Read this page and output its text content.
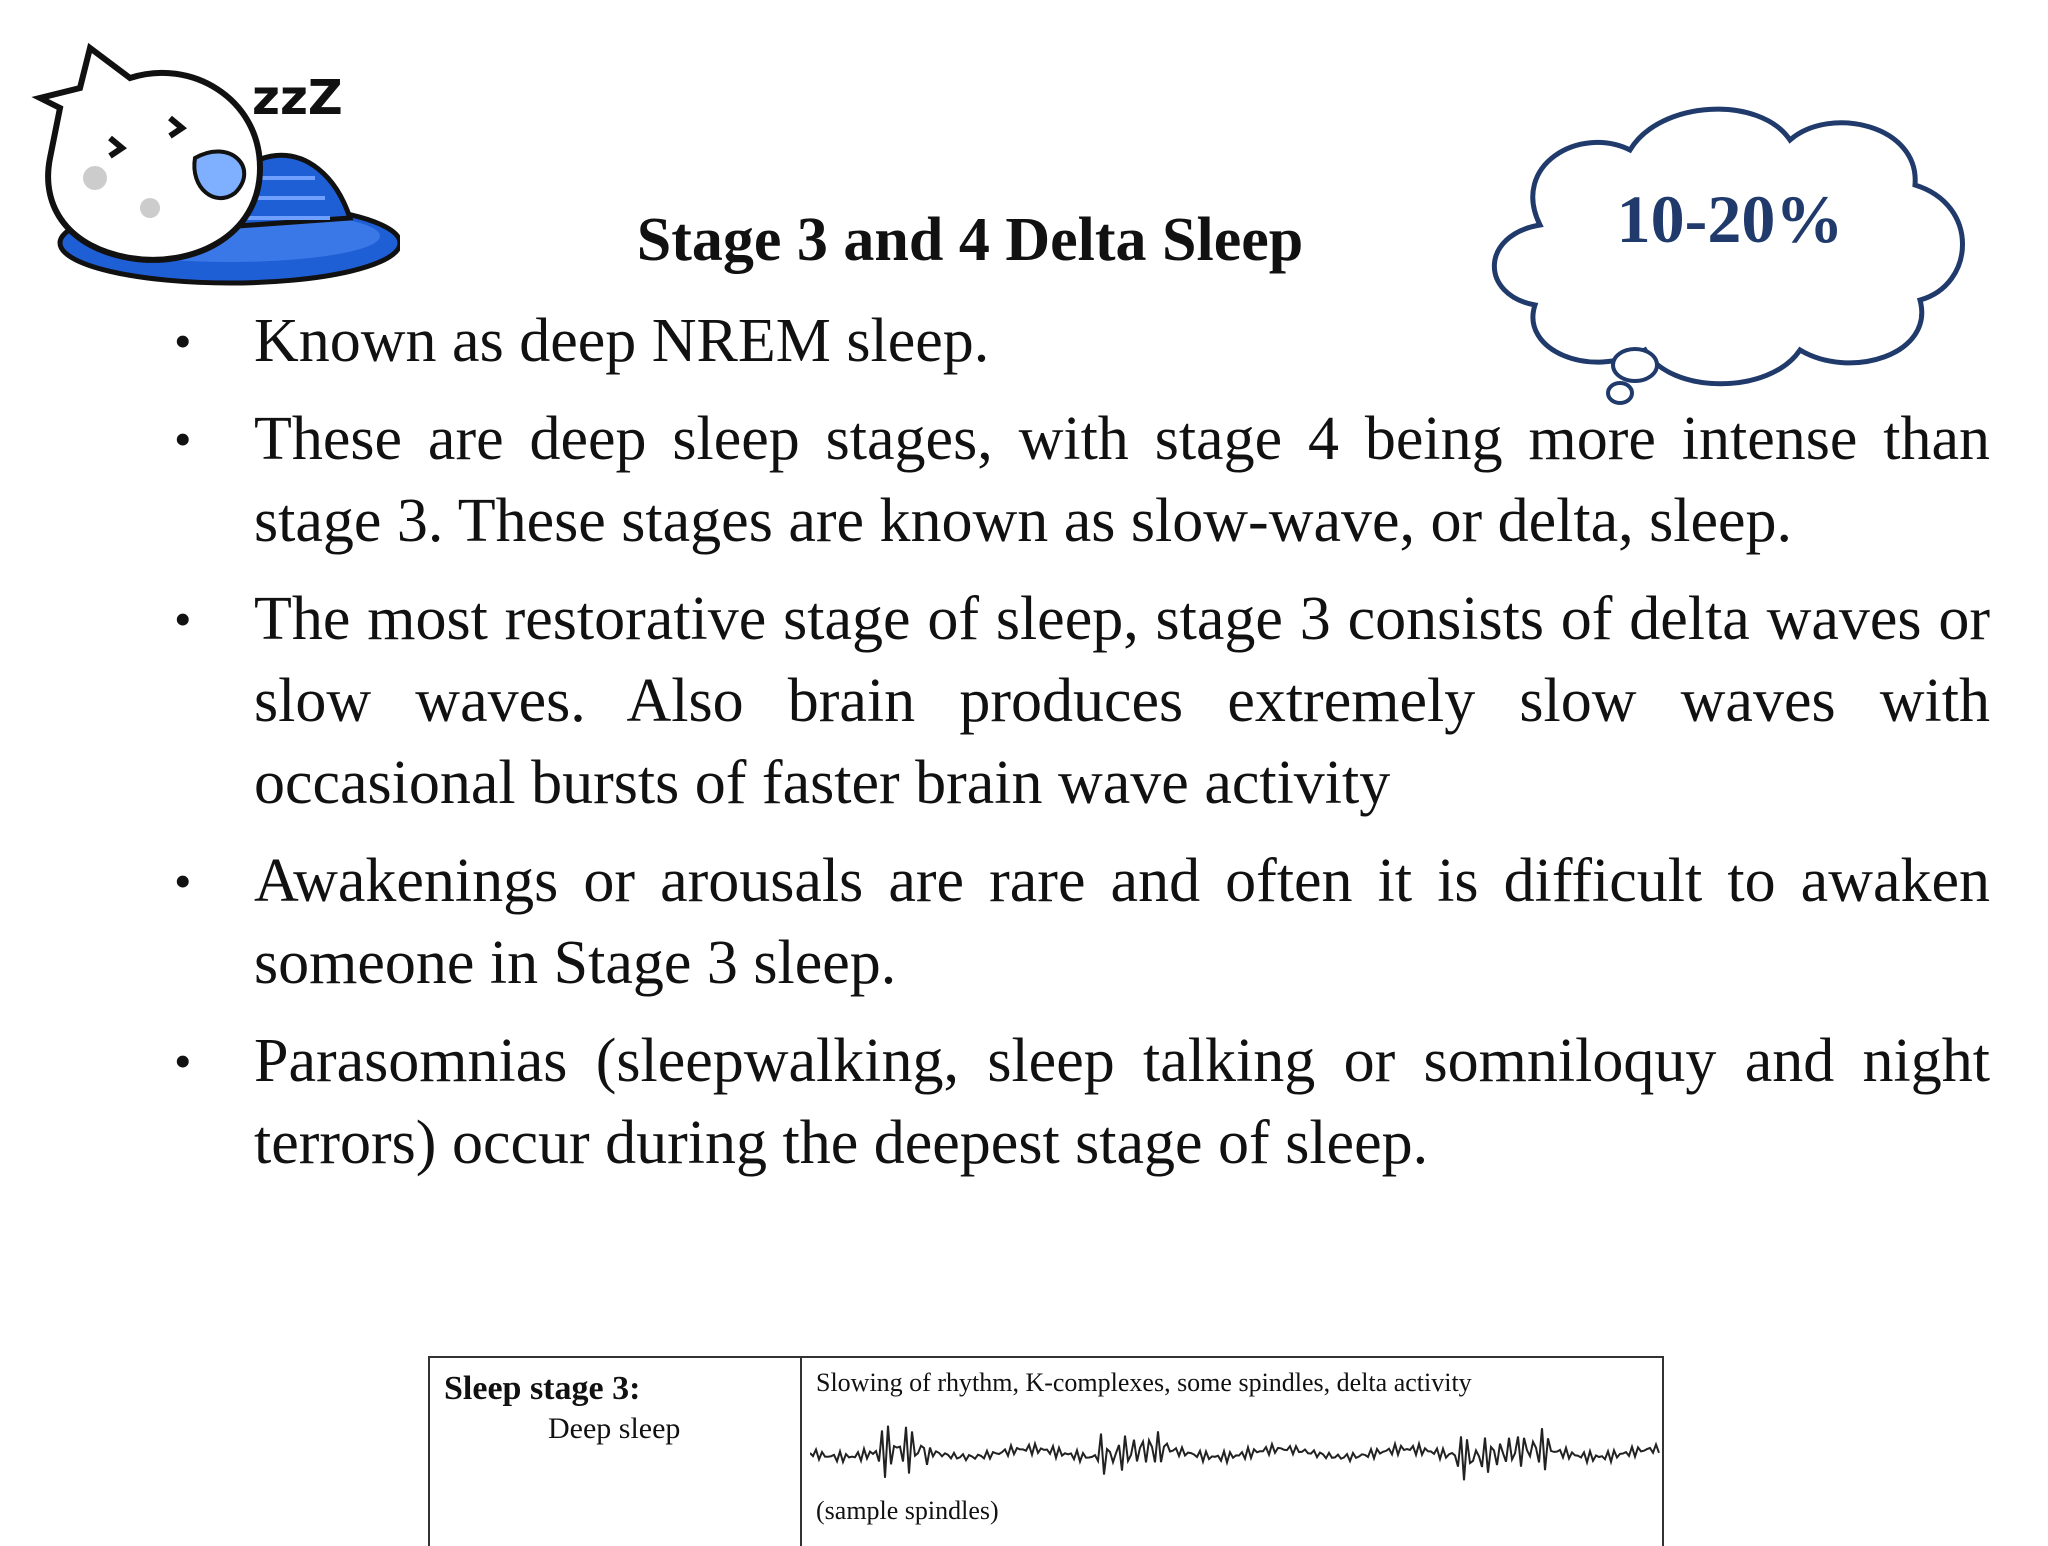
zzZ
Stage 3 and 4 Delta Sleep	10-20%
• Known as deep NREM sleep.
• These are deep sleep stages, with stage 4 being more intense than stage 3. These stages are known as slow-wave, or delta, sleep.
• The most restorative stage of sleep, stage 3 consists of delta waves or slow waves. Also brain produces extremely slow waves with occasional bursts of faster brain wave activity
• Awakenings or arousals are rare and often it is difficult to awaken someone in Stage 3 sleep.
• Parasomnias (sleepwalking, sleep talking or somniloquy and night terrors) occur during the deepest stage of sleep.
Sleep stage 3:
Deep sleep
Slowing of rhythm, K-complexes, some spindles, delta activity
(sample spindles)
